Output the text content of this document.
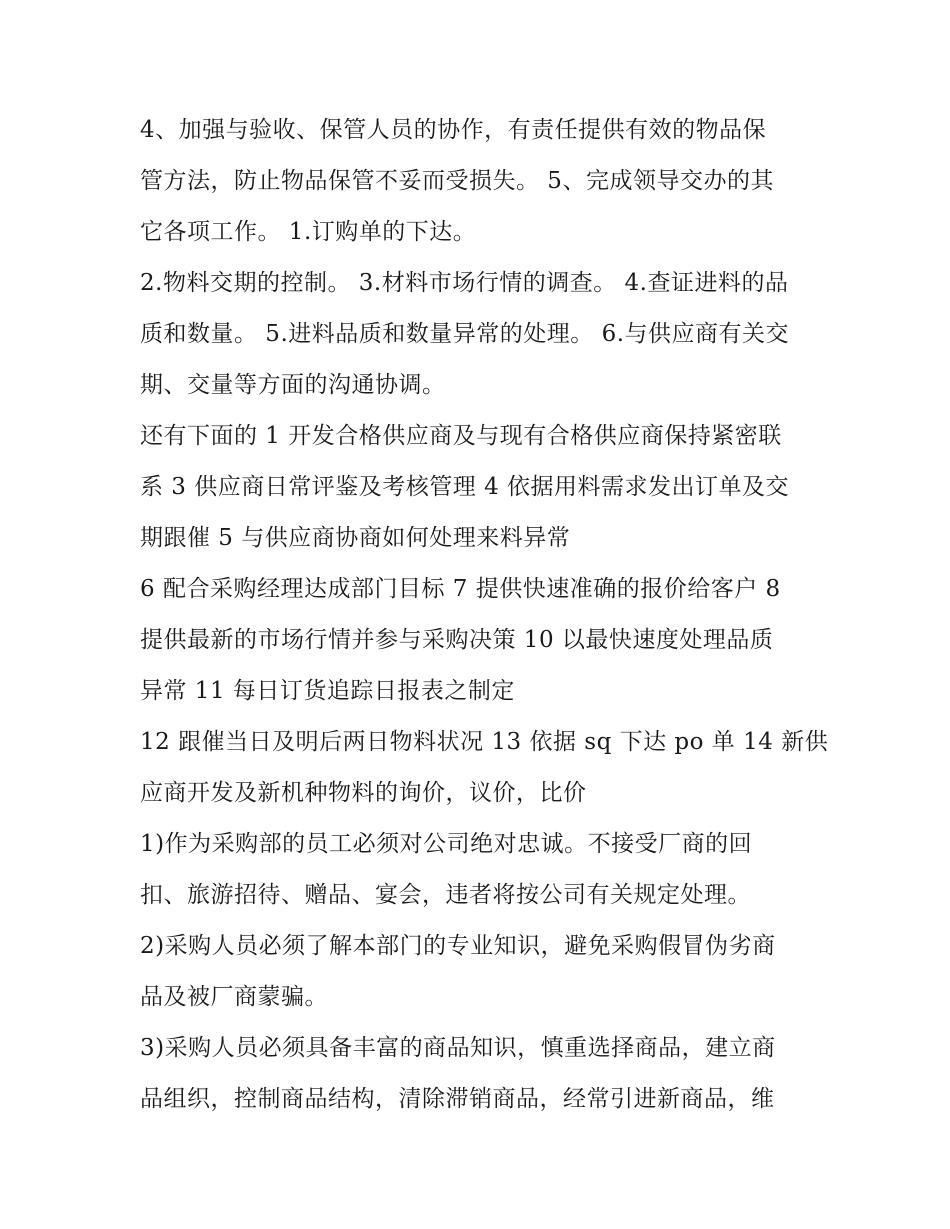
4、加强与验收、保管人员的协作，有责任提供有效的物品保
管方法，防止物品保管不妥而受损失。 5、完成领导交办的其
它各项工作。 1.订购单的下达。

2.物料交期的控制。 3.材料市场行情的调查。 4.查证进料的品
质和数量。 5.进料品质和数量异常的处理。 6.与供应商有关交
期、交量等方面的沟通协调。

还有下面的 1 开发合格供应商及与现有合格供应商保持紧密联
系 3 供应商日常评鉴及考核管理 4 依据用料需求发出订单及交
期跟催 5 与供应商协商如何处理来料异常

6 配合采购经理达成部门目标 7 提供快速准确的报价给客户 8
提供最新的市场行情并参与采购决策 10 以最快速度处理品质
异常 11 每日订货追踪日报表之制定

12 跟催当日及明后两日物料状况 13 依据 sq 下达 po 单 14 新供
应商开发及新机种物料的询价，议价，比价

1)作为采购部的员工必须对公司绝对忠诚。不接受厂商的回
扣、旅游招待、赠品、宴会，违者将按公司有关规定处理。

2)采购人员必须了解本部门的专业知识，避免采购假冒伪劣商
品及被厂商蒙骗。

3)采购人员必须具备丰富的商品知识，慎重选择商品，建立商
品组织，控制商品结构，清除滞销商品，经常引进新商品，维
